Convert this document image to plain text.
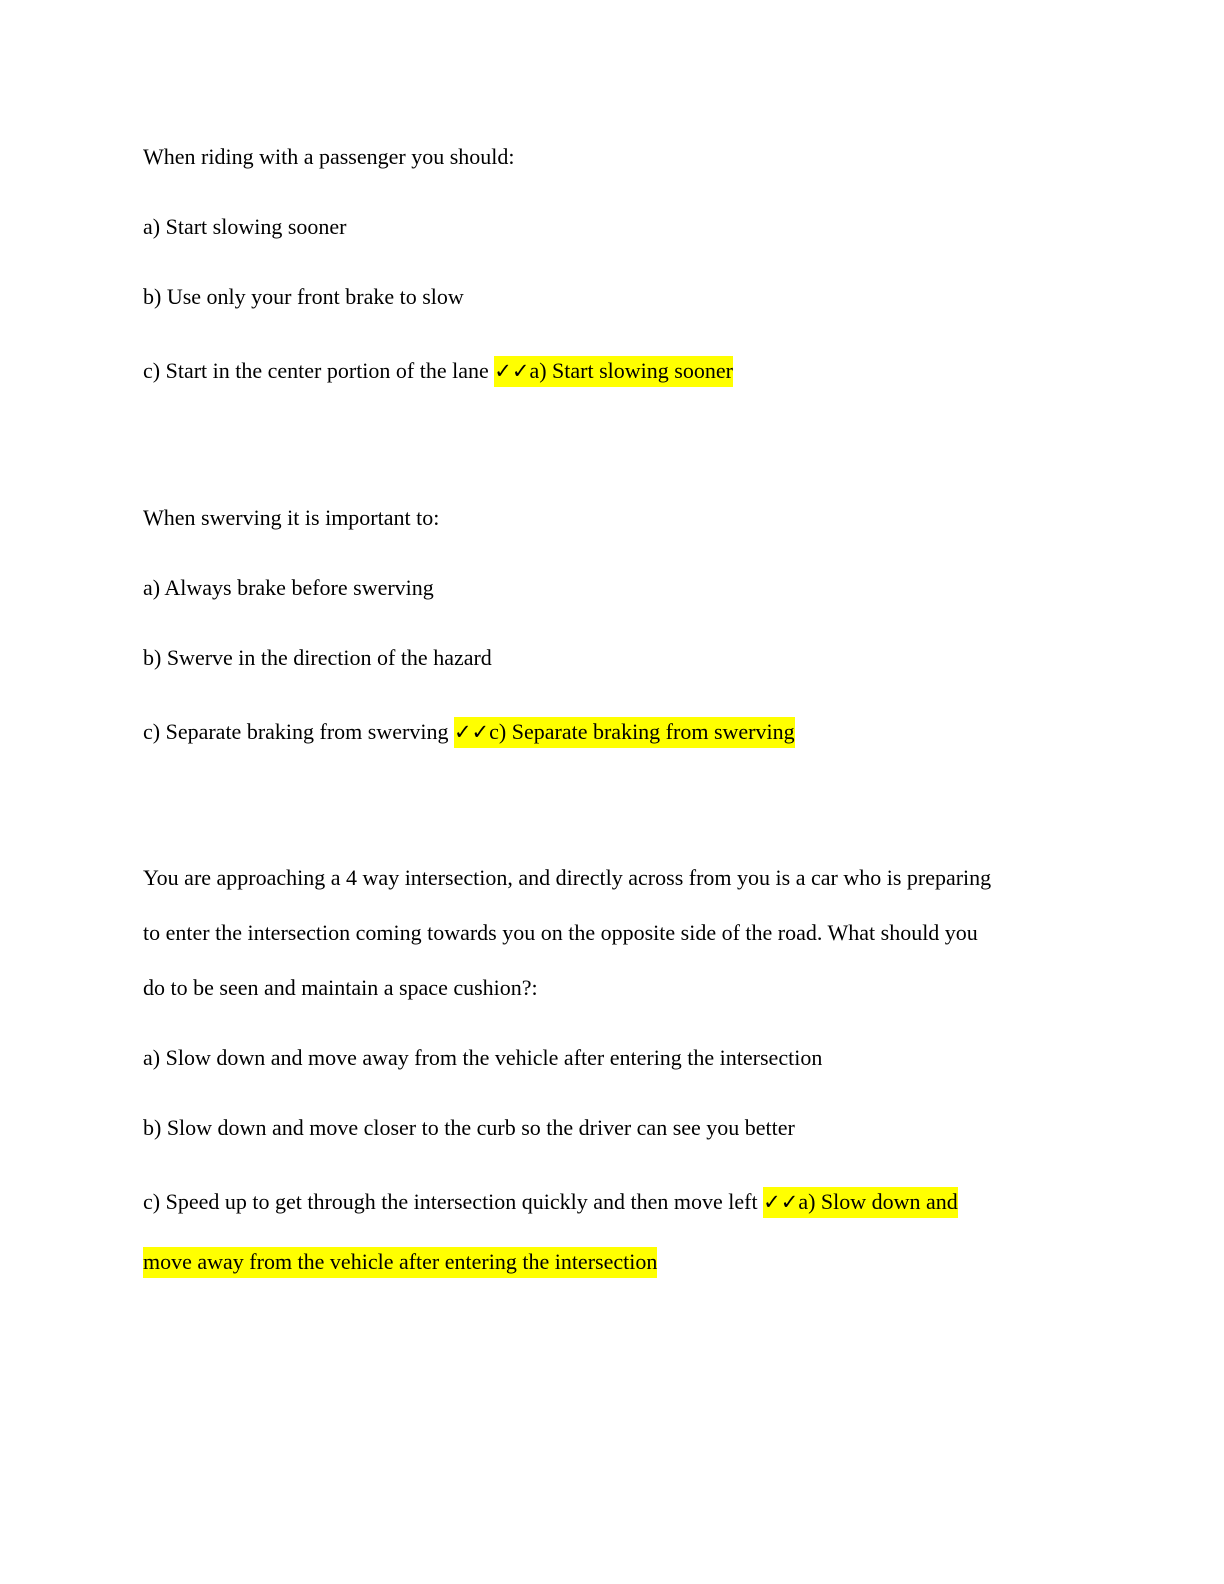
When riding with a passenger you should:
a) Start slowing sooner
b) Use only your front brake to slow
c) Start in the center portion of the lane ✓✓a) Start slowing sooner
When swerving it is important to:
a) Always brake before swerving
b) Swerve in the direction of the hazard
c) Separate braking from swerving ✓✓c) Separate braking from swerving
You are approaching a 4 way intersection, and directly across from you is a car who is preparing
to enter the intersection coming towards you on the opposite side of the road. What should you
do to be seen and maintain a space cushion?:
a) Slow down and move away from the vehicle after entering the intersection
b) Slow down and move closer to the curb so the driver can see you better
c) Speed up to get through the intersection quickly and then move left ✓✓a) Slow down and
move away from the vehicle after entering the intersection
